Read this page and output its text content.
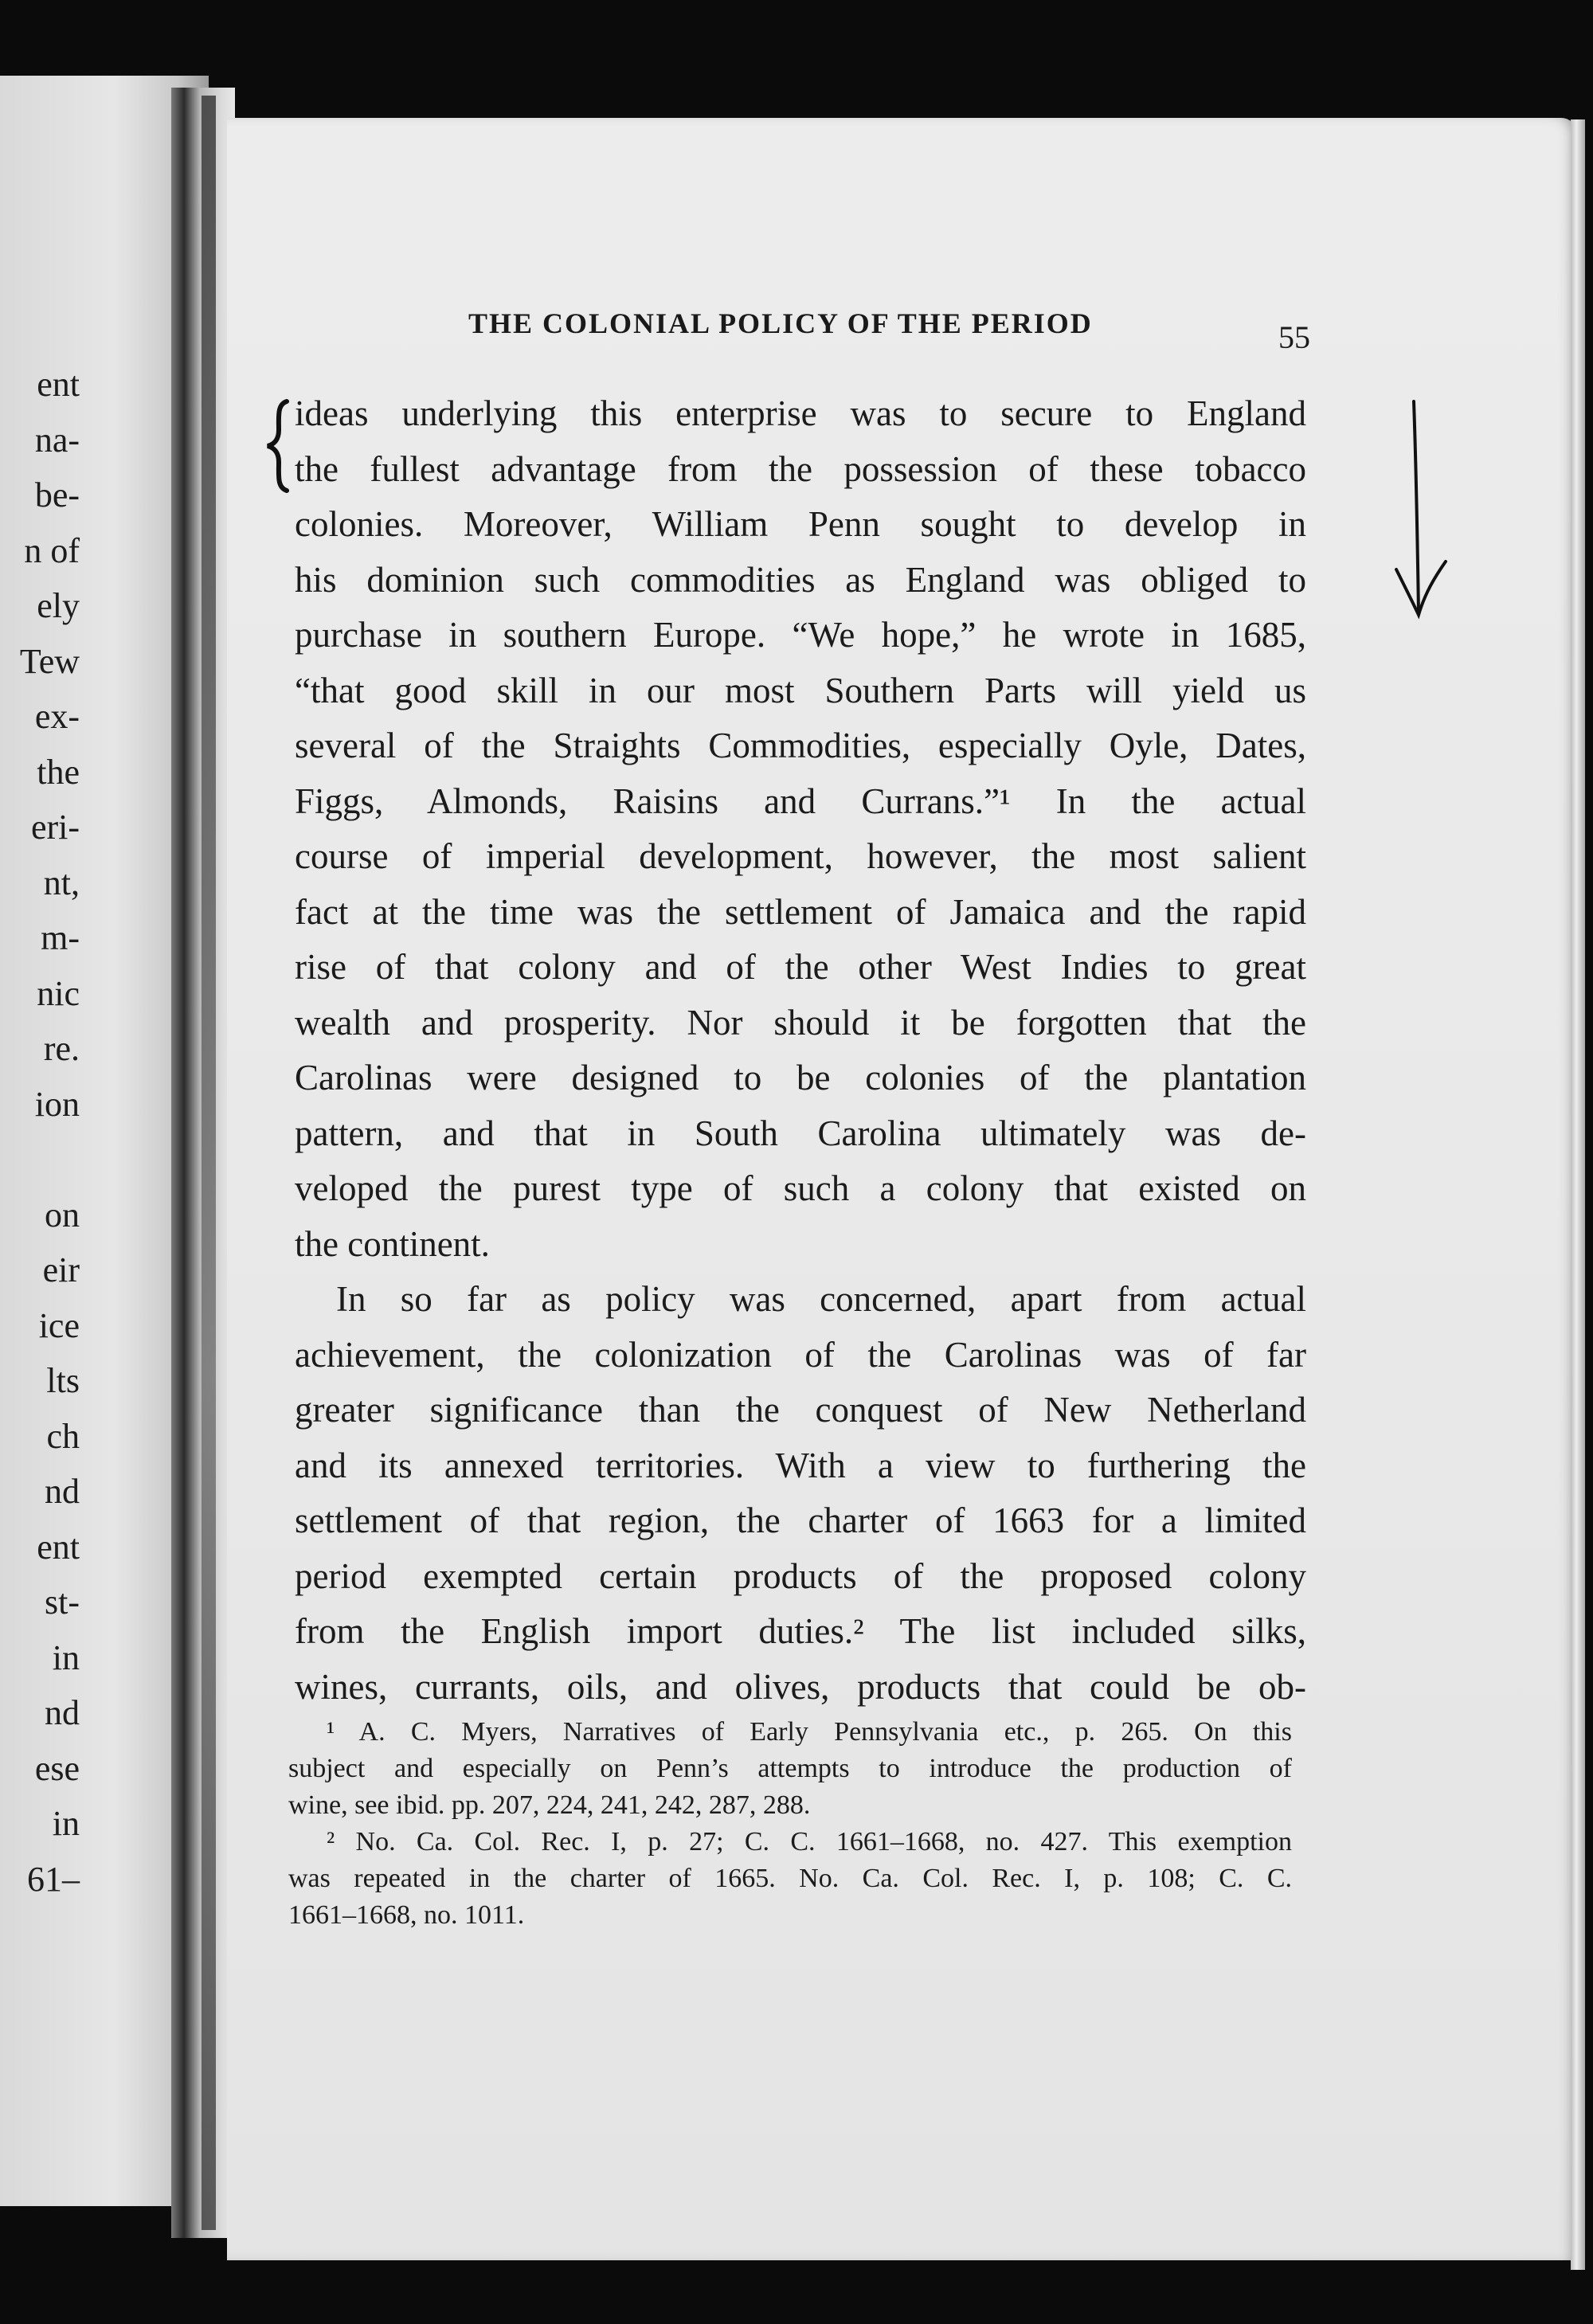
ent
na-
be-
n of
ely
Tew
ex-
the
eri-
nt,
m-
nic
re.
ion
on
eir
ice
lts
ch
nd
ent
st-
in
nd
ese
in
61–
THE COLONIAL POLICY OF THE PERIOD	55
ideas underlying this enterprise was to secure to England
the fullest advantage from the possession of these tobacco
colonies. Moreover, William Penn sought to develop in
his dominion such commodities as England was obliged to
purchase in southern Europe. “We hope,” he wrote in 1685,
“that good skill in our most Southern Parts will yield us
several of the Straights Commodities, especially Oyle, Dates,
Figgs, Almonds, Raisins and Currans.”¹ In the actual
course of imperial development, however, the most salient
fact at the time was the settlement of Jamaica and the rapid
rise of that colony and of the other West Indies to great
wealth and prosperity. Nor should it be forgotten that the
Carolinas were designed to be colonies of the plantation
pattern, and that in South Carolina ultimately was de-
veloped the purest type of such a colony that existed on
the continent.
In so far as policy was concerned, apart from actual
achievement, the colonization of the Carolinas was of far
greater significance than the conquest of New Netherland
and its annexed territories. With a view to furthering the
settlement of that region, the charter of 1663 for a limited
period exempted certain products of the proposed colony
from the English import duties.² The list included silks,
wines, currants, oils, and olives, products that could be ob-
¹ A. C. Myers, Narratives of Early Pennsylvania etc., p. 265. On this
subject and especially on Penn’s attempts to introduce the production of
wine, see ibid. pp. 207, 224, 241, 242, 287, 288.
² No. Ca. Col. Rec. I, p. 27; C. C. 1661–1668, no. 427. This exemption
was repeated in the charter of 1665. No. Ca. Col. Rec. I, p. 108; C. C.
1661–1668, no. 1011.
